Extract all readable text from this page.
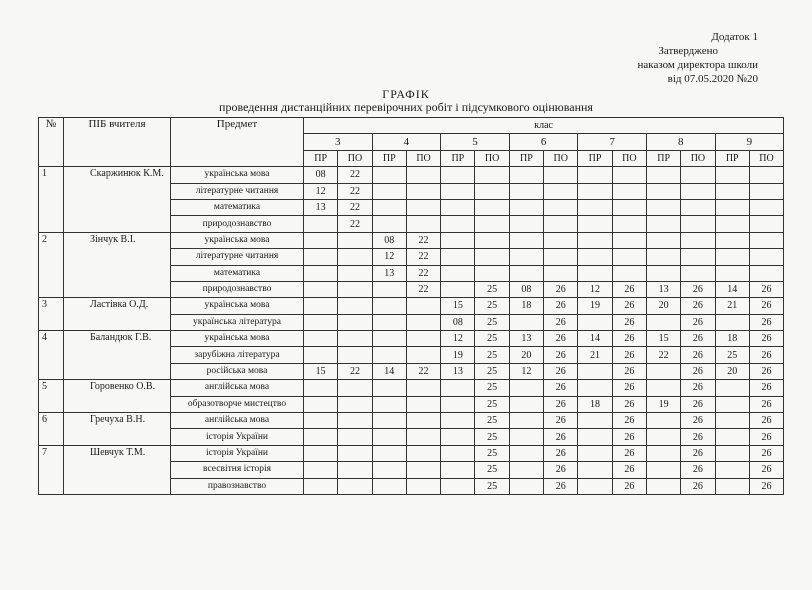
Додаток 1
Затверджено
наказом директора школи
від 07.05.2020 №20
ГРАФІК
проведення дистанційних перевірочних робіт і підсумкового оцінювання
№	ПІБ вчителя	Предмет	клас													
			3		4		5		6		7		8		9	
			ПР	ПО	ПР	ПО	ПР	ПО	ПР	ПО	ПР	ПО	ПР	ПО	ПР	ПО
1	Скаржинюк К.М.	українська мова	08	22												
		літературне читання	12	22												
		математика	13	22												
		природознавство		22												
2	Зінчук В.І.	українська мова			08	22										
		літературне читання			12	22										
		математика			13	22										
		природознавство				22		25	08	26	12	26	13	26	14	26
3	Ластівка О.Д.	українська мова					15	25	18	26	19	26	20	26	21	26
		українська література					08	25		26		26		26		26
4	Баландюк Г.В.	українська мова					12	25	13	26	14	26	15	26	18	26
		зарубіжна література					19	25	20	26	21	26	22	26	25	26
		російська мова	15	22	14	22	13	25	12	26		26		26	20	26
5	Горовенко О.В.	англійська мова						25		26		26		26		26
		образотворче мистецтво						25		26	18	26	19	26		26
6	Гречуха В.Н.	англійська мова						25		26		26		26		26
		історія України						25		26		26		26		26
7	Шевчук Т.М.	історія України						25		26		26		26		26
		всесвітня історія						25		26		26		26		26
		правознавство						25		26		26		26		26
